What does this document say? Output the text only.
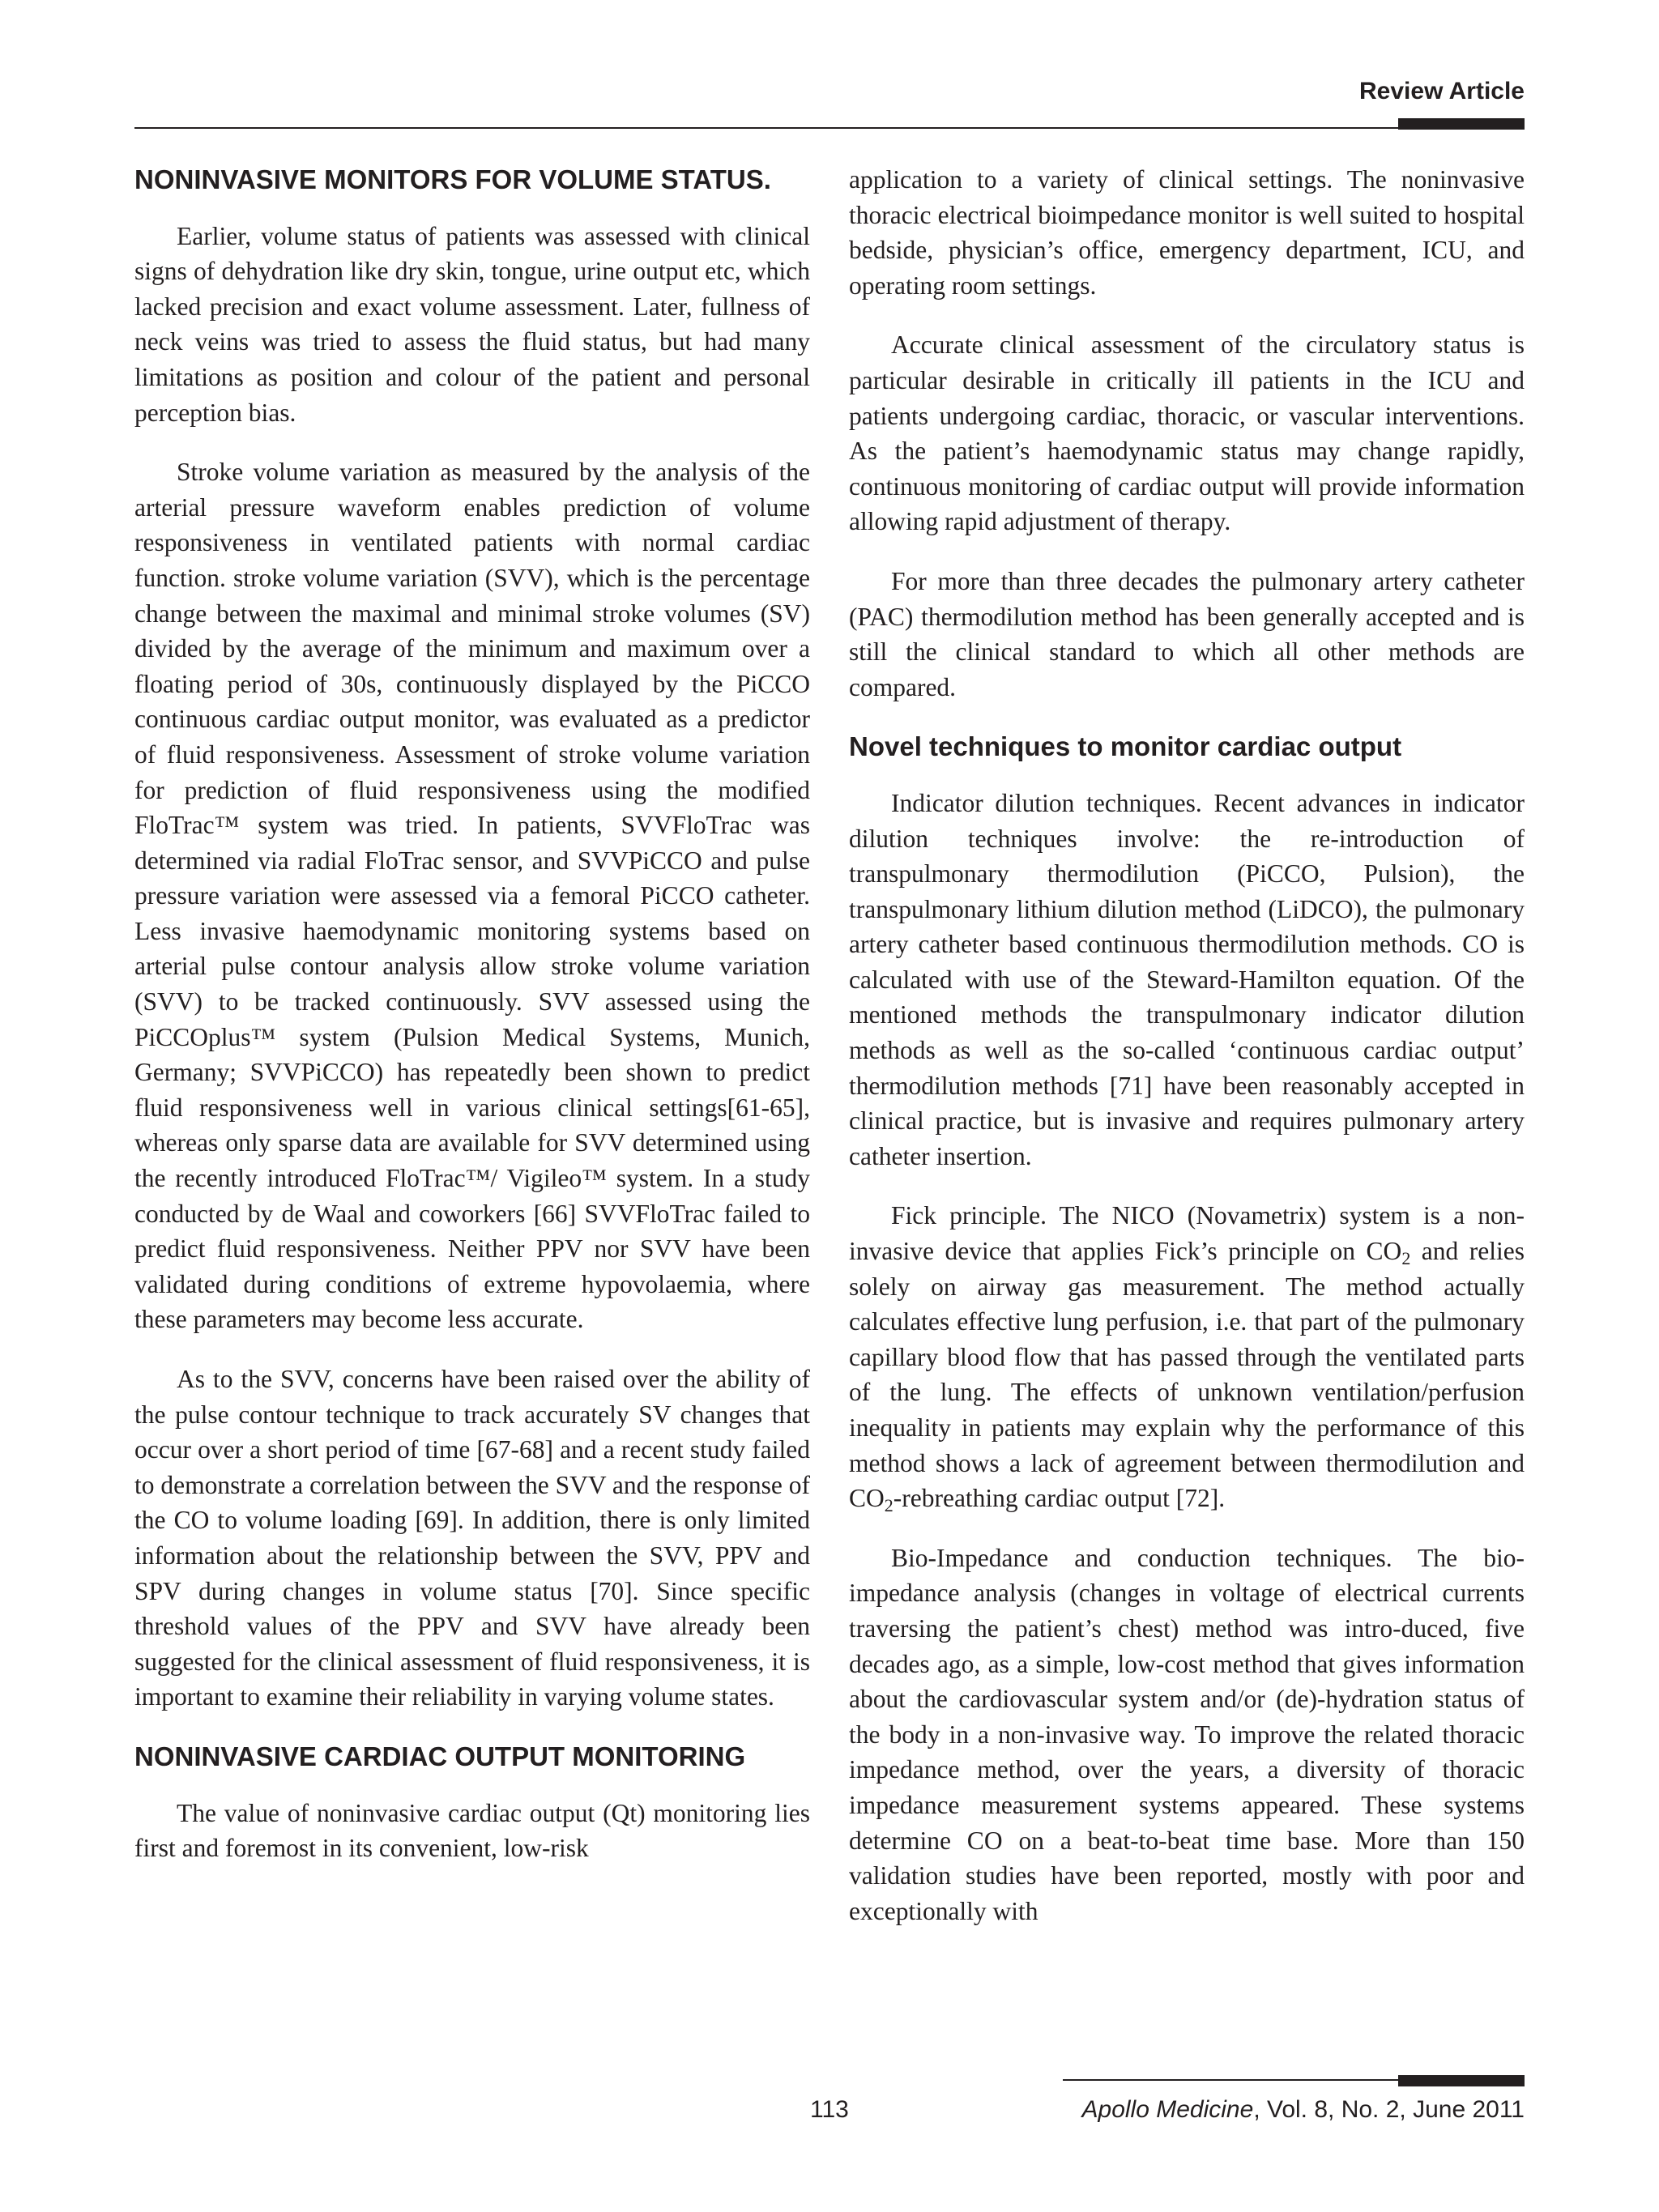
Review Article
NONINVASIVE MONITORS FOR VOLUME STATUS.

Earlier, volume status of patients was assessed with clinical signs of dehydration like dry skin, tongue, urine output etc, which lacked precision and exact volume assessment. Later, fullness of neck veins was tried to assess the fluid status, but had many limitations as position and colour of the patient and personal perception bias.

Stroke volume variation as measured by the analysis of the arterial pressure waveform enables prediction of volume responsiveness in ventilated patients with normal cardiac function. stroke volume variation (SVV), which is the percentage change between the maximal and minimal stroke volumes (SV) divided by the average of the minimum and maximum over a floating period of 30s, continuously displayed by the PiCCO continuous cardiac output monitor, was evaluated as a predictor of fluid responsiveness. Assessment of stroke volume variation for prediction of fluid responsiveness using the modified FloTrac™ system was tried. In patients, SVVFloTrac was determined via radial FloTrac sensor, and SVVPiCCO and pulse pressure variation were assessed via a femoral PiCCO catheter. Less invasive haemodynamic monitoring systems based on arterial pulse contour analysis allow stroke volume variation (SVV) to be tracked continuously. SVV assessed using the PiCCOplus™ system (Pulsion Medical Systems, Munich, Germany; SVVPiCCO) has repeatedly been shown to predict fluid responsiveness well in various clinical settings[61-65], whereas only sparse data are available for SVV determined using the recently introduced FloTrac™/ Vigileo™ system. In a study conducted by de Waal and coworkers [66] SVVFloTrac failed to predict fluid responsiveness. Neither PPV nor SVV have been validated during conditions of extreme hypovolaemia, where these parameters may become less accurate.

As to the SVV, concerns have been raised over the ability of the pulse contour technique to track accurately SV changes that occur over a short period of time [67-68] and a recent study failed to demonstrate a correlation between the SVV and the response of the CO to volume loading [69]. In addition, there is only limited information about the relationship between the SVV, PPV and SPV during changes in volume status [70]. Since specific threshold values of the PPV and SVV have already been suggested for the clinical assessment of fluid responsiveness, it is important to examine their reliability in varying volume states.

NONINVASIVE CARDIAC OUTPUT MONITORING

The value of noninvasive cardiac output (Qt) monitoring lies first and foremost in its convenient, low-risk

application to a variety of clinical settings. The noninvasive thoracic electrical bioimpedance monitor is well suited to hospital bedside, physician’s office, emergency department, ICU, and operating room settings.

Accurate clinical assessment of the circulatory status is particular desirable in critically ill patients in the ICU and patients undergoing cardiac, thoracic, or vascular interventions. As the patient’s haemodynamic status may change rapidly, continuous monitoring of cardiac output will provide information allowing rapid adjustment of therapy.

For more than three decades the pulmonary artery catheter (PAC) thermodilution method has been generally accepted and is still the clinical standard to which all other methods are compared.

Novel techniques to monitor cardiac output

Indicator dilution techniques. Recent advances in indicator dilution techniques involve: the re-introduction of transpulmonary thermodilution (PiCCO, Pulsion), the transpulmonary lithium dilution method (LiDCO), the pulmonary artery catheter based continuous thermodilution methods. CO is calculated with use of the Steward-Hamilton equation. Of the mentioned methods the transpulmonary indicator dilution methods as well as the so-called ‘continuous cardiac output’ thermodilution methods [71] have been reasonably accepted in clinical practice, but is invasive and requires pulmonary artery catheter insertion.

Fick principle. The NICO (Novametrix) system is a non-invasive device that applies Fick’s principle on $CO_2$ and relies solely on airway gas measurement. The method actually calculates effective lung perfusion, i.e. that part of the pulmonary capillary blood flow that has passed through the ventilated parts of the lung. The effects of unknown ventilation/perfusion inequality in patients may explain why the performance of this method shows a lack of agreement between thermodilution and $CO_2$-rebreathing cardiac output [72].

Bio-Impedance and conduction techniques. The bio-impedance analysis (changes in voltage of electrical currents traversing the patient’s chest) method was intro-duced, five decades ago, as a simple, low-cost method that gives information about the cardiovascular system and/or (de)-hydration status of the body in a non-invasive way. To improve the related thoracic impedance method, over the years, a diversity of thoracic impedance measurement systems appeared. These systems determine CO on a beat-to-beat time base. More than 150 validation studies have been reported, mostly with poor and exceptionally with

113	Apollo Medicine, Vol. 8, No. 2, June 2011
